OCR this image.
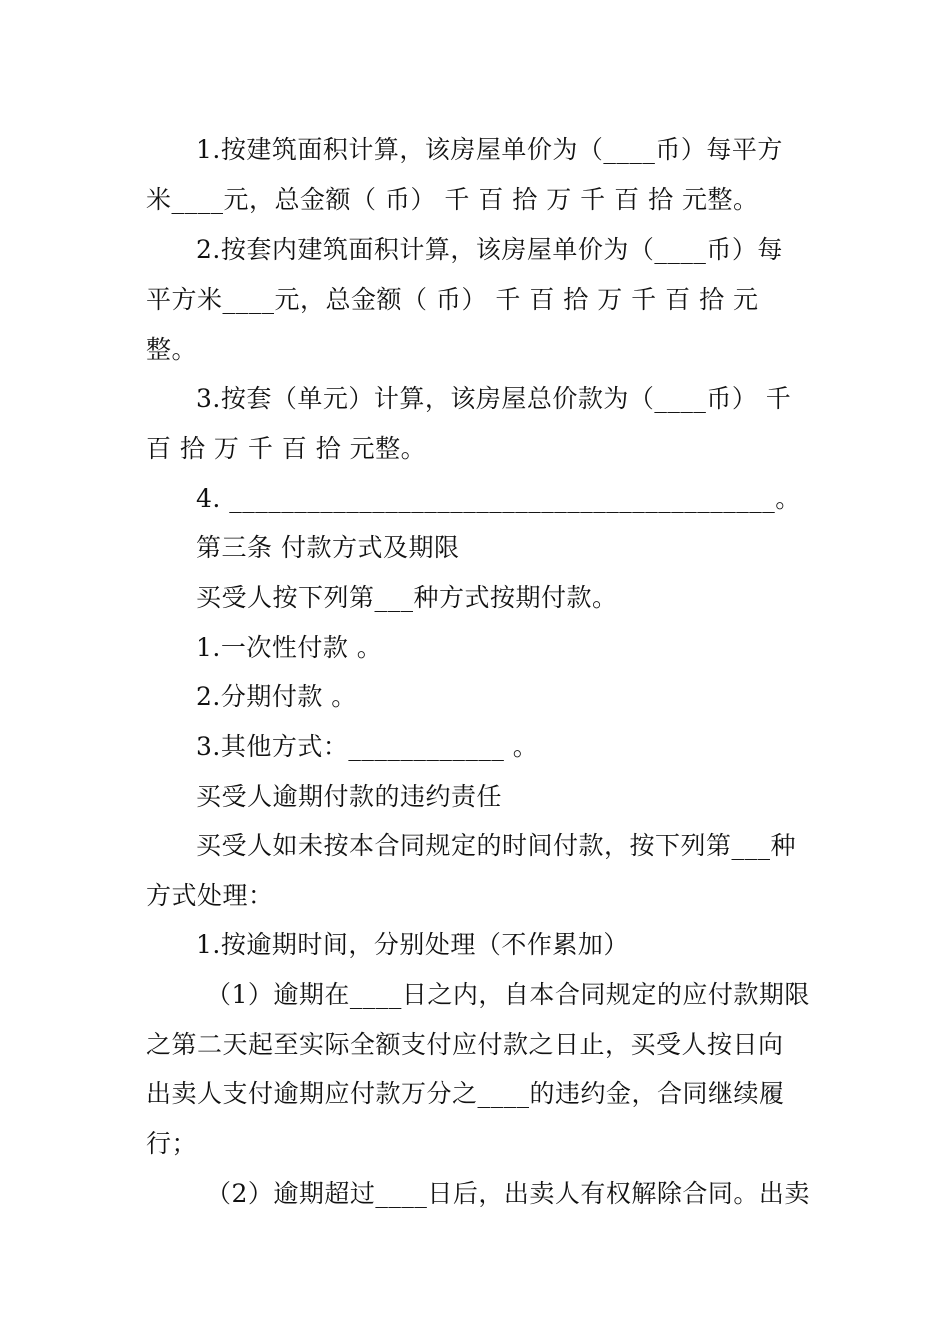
1.按建筑面积计算，该房屋单价为（____币）每平方
米____元，总金额（ 币） 千 百 拾 万 千 百 拾 元整。
2.按套内建筑面积计算，该房屋单价为（____币）每
平方米____元，总金额（ 币） 千 百 拾 万 千 百 拾 元
整。
3.按套（单元）计算，该房屋总价款为（____币） 千
百 拾 万 千 百 拾 元整。
4. __________________________________________。
第三条 付款方式及期限
买受人按下列第___种方式按期付款。
1.一次性付款 。
2.分期付款 。
3.其他方式：____________ 。
买受人逾期付款的违约责任
买受人如未按本合同规定的时间付款，按下列第___种
方式处理：
1.按逾期时间，分别处理（不作累加）
（1）逾期在____日之内，自本合同规定的应付款期限
之第二天起至实际全额支付应付款之日止，买受人按日向
出卖人支付逾期应付款万分之____的违约金，合同继续履
行；
（2）逾期超过____日后，出卖人有权解除合同。出卖
